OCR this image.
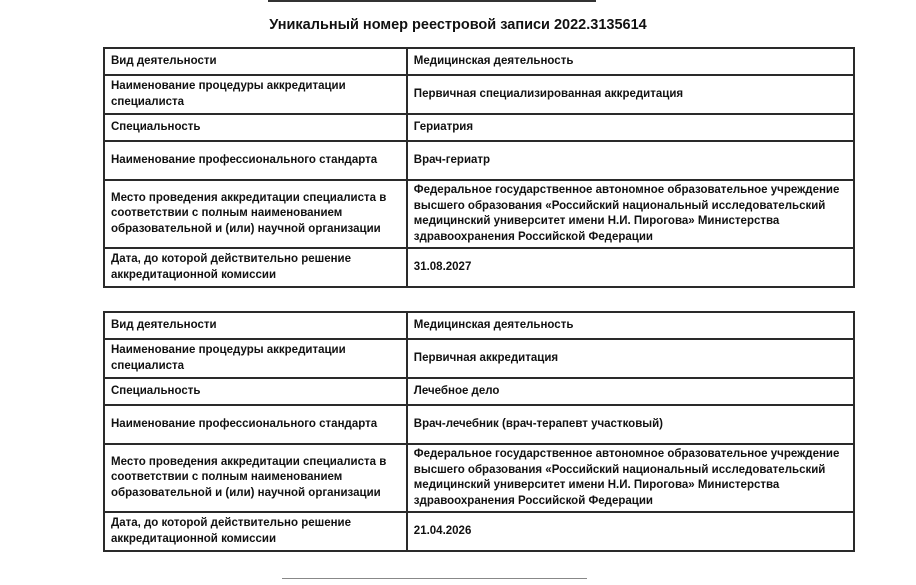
Уникальный номер реестровой записи 2022.3135614
Вид деятельности	Медицинская деятельность
Наименование процедуры аккредитации специалиста	Первичная специализированная аккредитация
Специальность	Гериатрия
Наименование профессионального стандарта	Врач-гериатр
Место проведения аккредитации специалиста в соответствии с полным наименованием образовательной и (или) научной организации	Федеральное государственное автономное образовательное учреждение высшего образования «Российский национальный исследовательский медицинский университет имени Н.И. Пирогова» Министерства здравоохранения Российской Федерации
Дата, до которой действительно решение аккредитационной комиссии	31.08.2027
Вид деятельности	Медицинская деятельность
Наименование процедуры аккредитации специалиста	Первичная аккредитация
Специальность	Лечебное дело
Наименование профессионального стандарта	Врач-лечебник (врач-терапевт участковый)
Место проведения аккредитации специалиста в соответствии с полным наименованием образовательной и (или) научной организации	Федеральное государственное автономное образовательное учреждение высшего образования «Российский национальный исследовательский медицинский университет имени Н.И. Пирогова» Министерства здравоохранения Российской Федерации
Дата, до которой действительно решение аккредитационной комиссии	21.04.2026
